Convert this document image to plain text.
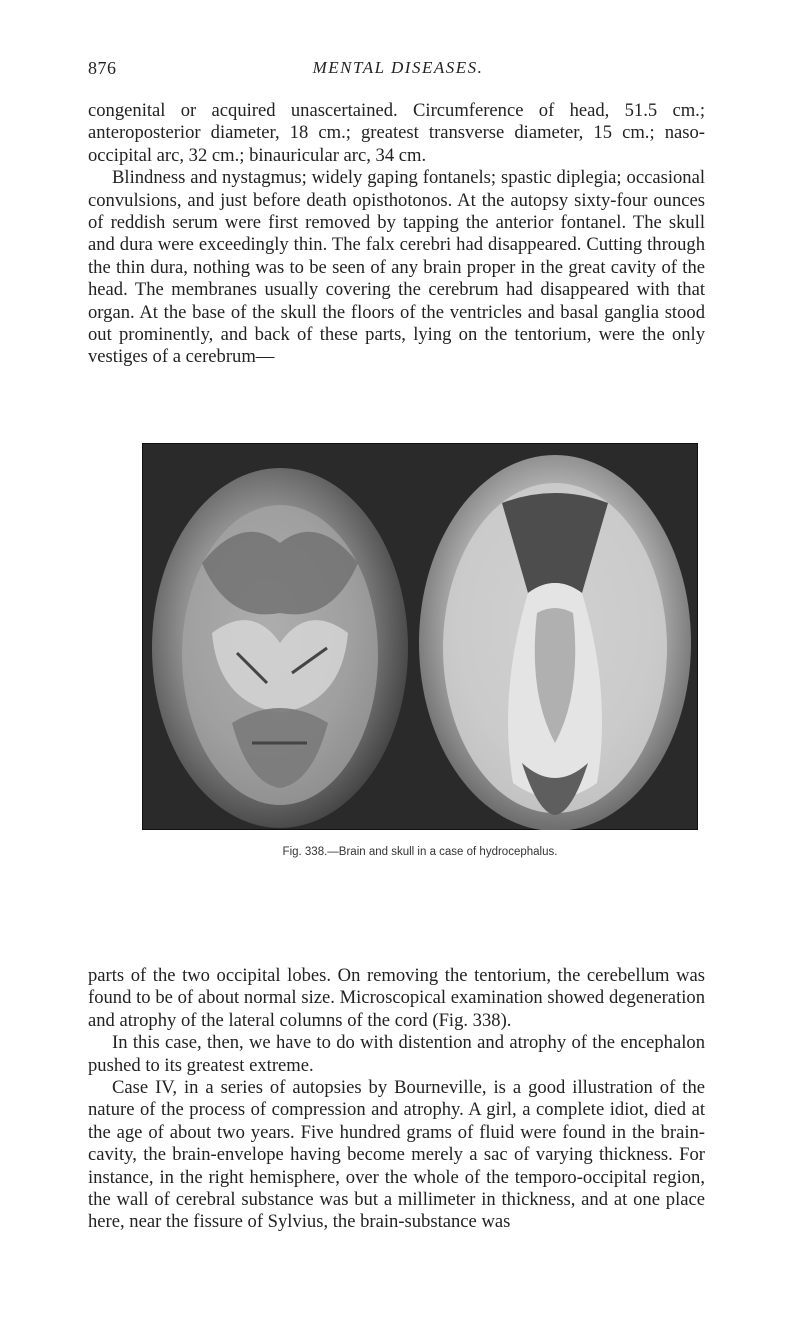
876	MENTAL DISEASES.
congenital or acquired unascertained. Circumference of head, 51.5 cm.; anteroposterior diameter, 18 cm.; greatest transverse diameter, 15 cm.; naso-occipital arc, 32 cm.; binauricular arc, 34 cm.
Blindness and nystagmus; widely gaping fontanels; spastic diplegia; occasional convulsions, and just before death opisthotonos. At the autopsy sixty-four ounces of reddish serum were first removed by tapping the anterior fontanel. The skull and dura were exceedingly thin. The falx cerebri had disappeared. Cutting through the thin dura, nothing was to be seen of any brain proper in the great cavity of the head. The membranes usually covering the cerebrum had disappeared with that organ. At the base of the skull the floors of the ventricles and basal ganglia stood out prominently, and back of these parts, lying on the tentorium, were the only vestiges of a cerebrum—
Fig. 338.—Brain and skull in a case of hydrocephalus.
parts of the two occipital lobes. On removing the tentorium, the cerebellum was found to be of about normal size. Microscopical examination showed degeneration and atrophy of the lateral columns of the cord (Fig. 338).
In this case, then, we have to do with distention and atrophy of the encephalon pushed to its greatest extreme.
Case IV, in a series of autopsies by Bourneville, is a good illustration of the nature of the process of compression and atrophy. A girl, a complete idiot, died at the age of about two years. Five hundred grams of fluid were found in the brain-cavity, the brain-envelope having become merely a sac of varying thickness. For instance, in the right hemisphere, over the whole of the temporo-occipital region, the wall of cerebral substance was but a millimeter in thickness, and at one place here, near the fissure of Sylvius, the brain-substance was
